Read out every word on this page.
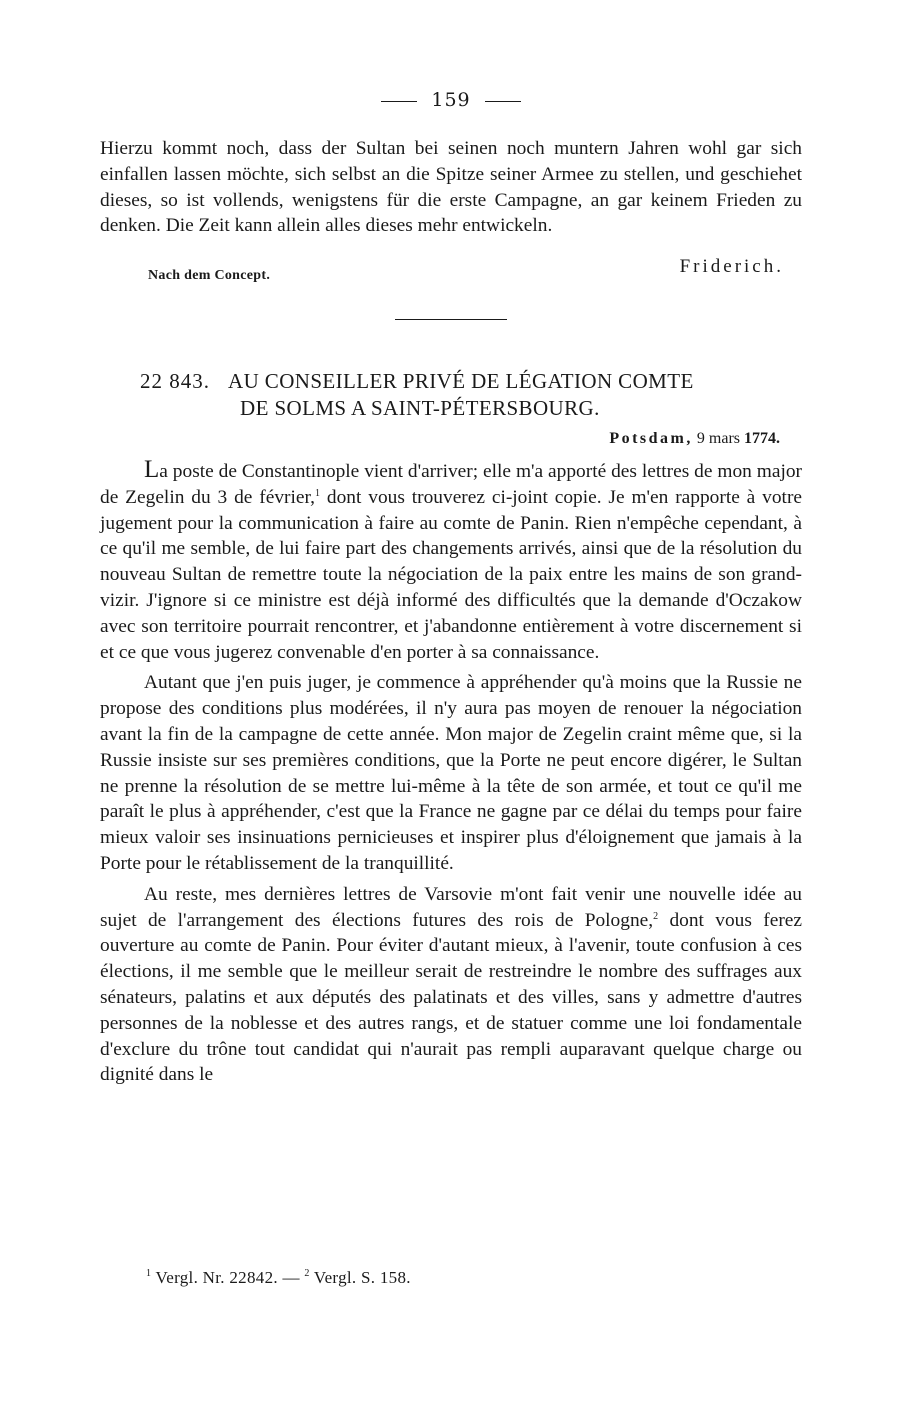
159

Hierzu kommt noch, dass der Sultan bei seinen noch muntern Jahren wohl gar sich einfallen lassen möchte, sich selbst an die Spitze seiner Armee zu stellen, und geschiehet dieses, so ist vollends, wenigstens für die erste Campagne, an gar keinem Frieden zu denken. Die Zeit kann allein alles dieses mehr entwickeln.

Friderich.
Nach dem Concept.
22 843. AU CONSEILLER PRIVÉ DE LÉGATION COMTE
DE SOLMS A SAINT-PÉTERSBOURG.
Potsdam, 9 mars 1774.

La poste de Constantinople vient d'arriver; elle m'a apporté des lettres de mon major de Zegelin du 3 de février,$^1$ dont vous trouverez ci-joint copie. Je m'en rapporte à votre jugement pour la communication à faire au comte de Panin. Rien n'empêche cependant, à ce qu'il me semble, de lui faire part des changements arrivés, ainsi que de la résolution du nouveau Sultan de remettre toute la négociation de la paix entre les mains de son grand-vizir. J'ignore si ce ministre est déjà informé des difficultés que la demande d'Oczakow avec son territoire pourrait rencontrer, et j'abandonne entièrement à votre discernement si et ce que vous jugerez convenable d'en porter à sa connaissance.

Autant que j'en puis juger, je commence à appréhender qu'à moins que la Russie ne propose des conditions plus modérées, il n'y aura pas moyen de renouer la négociation avant la fin de la campagne de cette année. Mon major de Zegelin craint même que, si la Russie insiste sur ses premières conditions, que la Porte ne peut encore digérer, le Sultan ne prenne la résolution de se mettre lui-même à la tête de son armée, et tout ce qu'il me paraît le plus à appréhender, c'est que la France ne gagne par ce délai du temps pour faire mieux valoir ses insinuations pernicieuses et inspirer plus d'éloignement que jamais à la Porte pour le rétablissement de la tranquillité.

Au reste, mes dernières lettres de Varsovie m'ont fait venir une nouvelle idée au sujet de l'arrangement des élections futures des rois de Pologne,$^2$ dont vous ferez ouverture au comte de Panin. Pour éviter d'autant mieux, à l'avenir, toute confusion à ces élections, il me semble que le meilleur serait de restreindre le nombre des suffrages aux sénateurs, palatins et aux députés des palatinats et des villes, sans y admettre d'autres personnes de la noblesse et des autres rangs, et de statuer comme une loi fondamentale d'exclure du trône tout candidat qui n'aurait pas rempli auparavant quelque charge ou dignité dans le

$^1$ Vergl. Nr. 22842. — $^2$ Vergl. S. 158.
